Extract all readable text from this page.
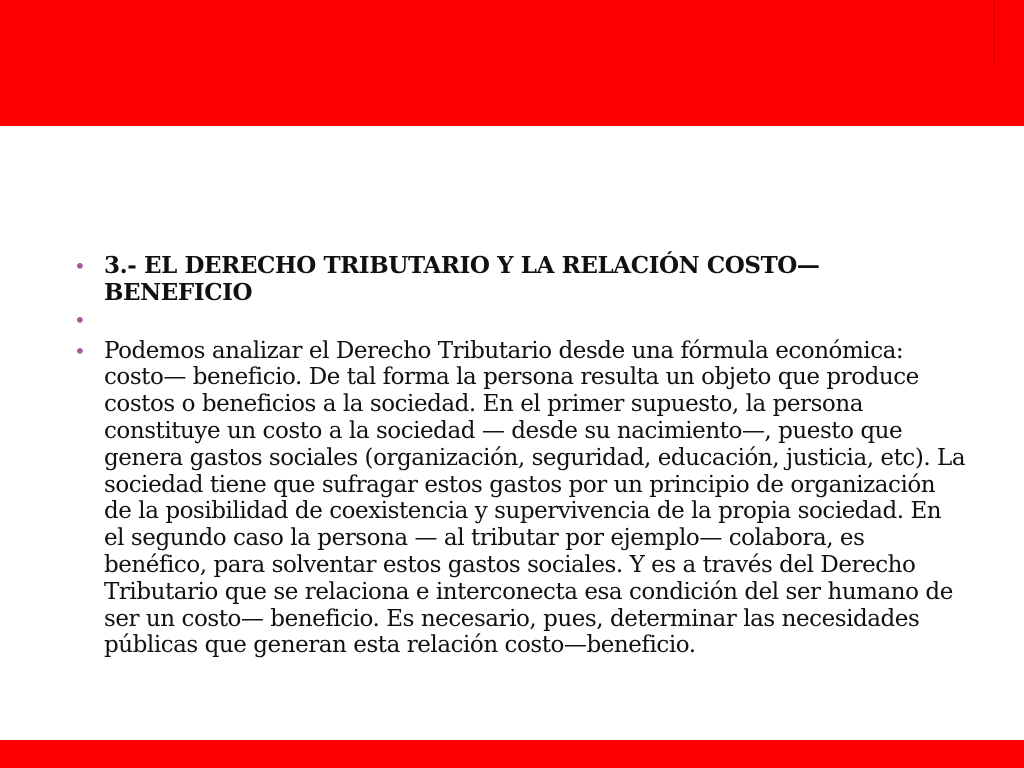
• 3.- EL DERECHO TRIBUTARIO Y LA RELACIÓN COSTO— BENEFICIO
•
• Podemos analizar el Derecho Tributario desde una fórmula económica: costo— beneficio. De tal forma la persona resulta un objeto que produce costos o beneficios a la sociedad. En el primer supuesto, la persona constituye un costo a la sociedad — desde su nacimiento—, puesto que genera gastos sociales (organización, seguridad, educación, justicia, etc). La sociedad tiene que sufragar estos gastos por un principio de organización de la posibilidad de coexistencia y supervivencia de la propia sociedad. En el segundo caso la persona — al tributar por ejemplo— colabora, es benéfico, para solventar estos gastos sociales. Y es a través del Derecho Tributario que se relaciona e interconecta esa condición del ser humano de ser un costo— beneficio. Es necesario, pues, determinar las necesidades públicas que generan esta relación costo—beneficio.
